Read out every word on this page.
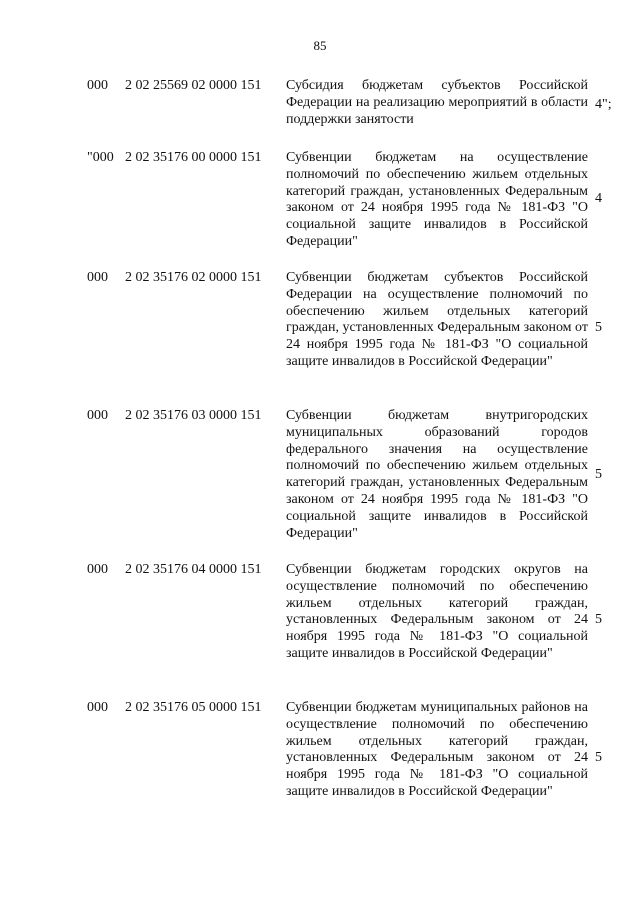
85
000 2 02 25569 02 0000 151 Субсидия бюджетам субъектов Российской Федерации на реализацию мероприятий в области поддержки занятости
4";
"000 2 02 35176 00 0000 151 Субвенции бюджетам на осуществление полномочий по обеспечению жильем отдельных категорий граждан, установленных Федеральным законом от 24 ноября 1995 года № 181-ФЗ "О социальной защите инвалидов в Российской Федерации"
4
000 2 02 35176 02 0000 151 Субвенции бюджетам субъектов Российской Федерации на осуществление полномочий по обеспечению жильем отдельных категорий граждан, установленных Федеральным законом от 24 ноября 1995 года № 181-ФЗ "О социальной защите инвалидов в Российской Федерации"
5
000 2 02 35176 03 0000 151 Субвенции бюджетам внутригородских муниципальных образований городов федерального значения на осуществление полномочий по обеспечению жильем отдельных категорий граждан, установленных Федеральным законом от 24 ноября 1995 года № 181-ФЗ "О социальной защите инвалидов в Российской Федерации"
5
000 2 02 35176 04 0000 151 Субвенции бюджетам городских округов на осуществление полномочий по обеспечению жильем отдельных категорий граждан, установленных Федеральным законом от 24 ноября 1995 года № 181-ФЗ "О социальной защите инвалидов в Российской Федерации"
5
000 2 02 35176 05 0000 151 Субвенции бюджетам муниципальных районов на осуществление полномочий по обеспечению жильем отдельных категорий граждан, установленных Федеральным законом от 24 ноября 1995 года № 181-ФЗ "О социальной защите инвалидов в Российской Федерации"
5
